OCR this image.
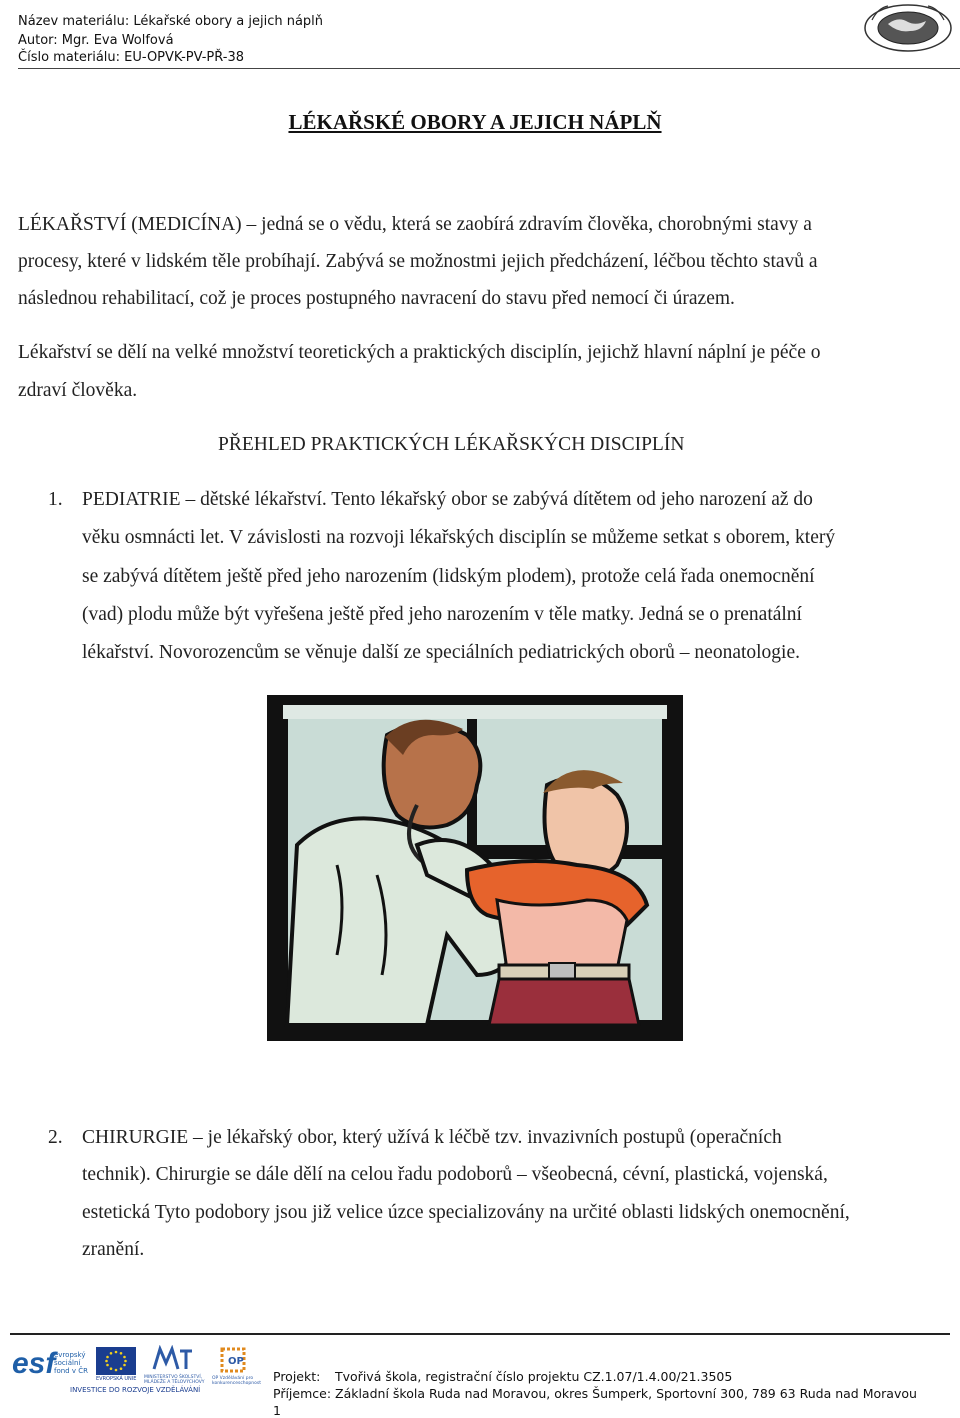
Název materiálu: Lékařské obory a jejich náplň
Autor: Mgr. Eva Wolfová
Číslo materiálu: EU-OPVK-PV-PŘ-38
LÉKAŘSKÉ OBORY A JEJICH NÁPLŇ
LÉKAŘSTVÍ (MEDICÍNA) – jedná se o vědu, která se zaobírá zdravím člověka, chorobnými stavy a
procesy, které v lidském těle probíhají. Zabývá se možnostmi jejich předcházení, léčbou těchto stavů a
následnou rehabilitací, což je proces postupného navracení do stavu před nemocí či úrazem.
Lékařství se dělí na velké množství teoretických a praktických disciplín, jejichž hlavní náplní je péče o
zdraví člověka.
PŘEHLED PRAKTICKÝCH LÉKAŘSKÝCH DISCIPLÍN
1. PEDIATRIE – dětské lékařství. Tento lékařský obor se zabývá dítětem od jeho narození až do
věku osmnácti let. V závislosti na rozvoji lékařských disciplín se můžeme setkat s oborem, který
se zabývá dítětem ještě před jeho narozením (lidským plodem), protože celá řada onemocnění
(vad) plodu může být vyřešena ještě před jeho narozením v těle matky. Jedná se o prenatální
lékařství. Novorozencům se věnuje další ze speciálních pediatrických oborů – neonatologie.
2. CHIRURGIE – je lékařský obor, který užívá k léčbě tzv. invazivních postupů (operačních
technik). Chirurgie se dále dělí na celou řadu podoborů – všeobecná, cévní, plastická, vojenská,
estetická Tyto podobory jsou již velice úzce specializovány na určité oblasti lidských onemocnění,
zranění.
esf
evropský
sociální
fond v ČR
EVROPSKÁ UNIE MINISTERSTVO ŠKOLSTVÍ, MLÁDEŽE A TĚLOVÝCHOVY
OP
OP Vzdělávání pro konkurenceschopnost
INVESTICE DO ROZVOJE VZDĚLÁVÁNÍ
Projekt: Tvořivá škola, registrační číslo projektu CZ.1.07/1.4.00/21.3505
Příjemce: Základní škola Ruda nad Moravou, okres Šumperk, Sportovní 300, 789 63 Ruda nad Moravou
1
